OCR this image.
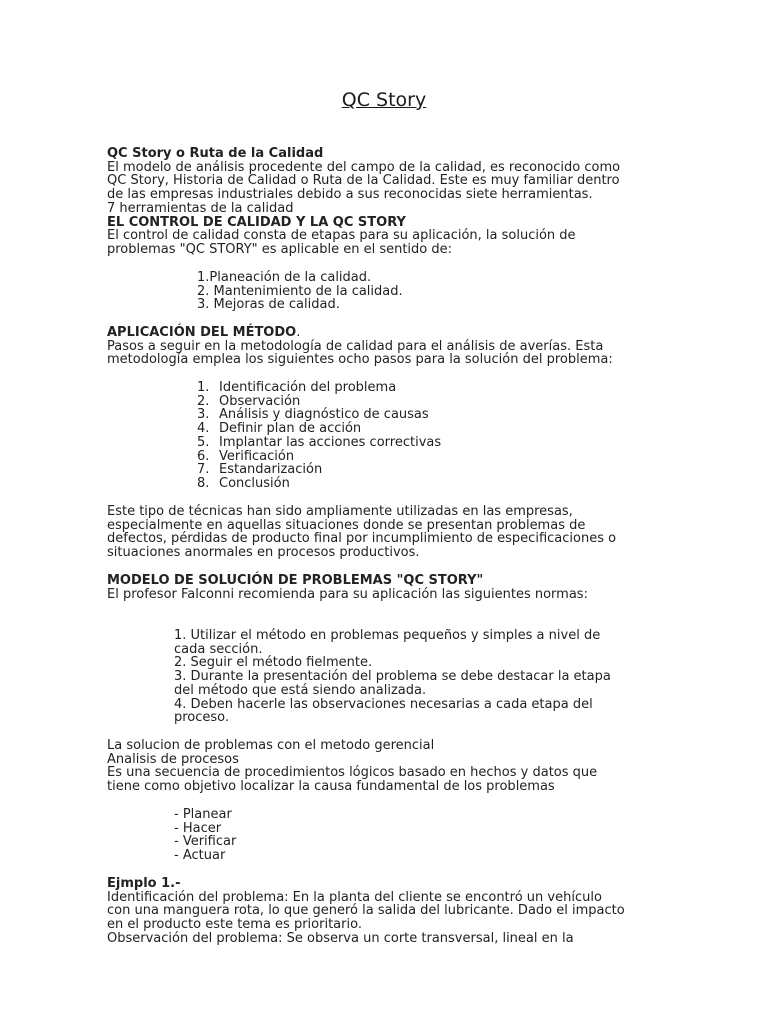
QC Story
QC Story o Ruta de la Calidad
El modelo de análisis procedente del campo de la calidad, es reconocido como
QC Story, Historia de Calidad o Ruta de la Calidad. Este es muy familiar dentro
de las empresas industriales debido a sus reconocidas siete herramientas.
7 herramientas de la calidad
EL CONTROL DE CALIDAD Y LA QC STORY
El control de calidad consta de etapas para su aplicación, la solución de
problemas "QC STORY" es aplicable en el sentido de:
1.Planeación de la calidad.
2. Mantenimiento de la calidad.
3. Mejoras de calidad.
APLICACIÓN DEL MÉTODO.
Pasos a seguir en la metodología de calidad para el análisis de averías. Esta
metodología emplea los siguientes ocho pasos para la solución del problema:
1. Identificación del problema
2. Observación
3. Análisis y diagnóstico de causas
4. Definir plan de acción
5. Implantar las acciones correctivas
6. Verificación
7. Estandarización
8. Conclusión
Este tipo de técnicas han sido ampliamente utilizadas en las empresas,
especialmente en aquellas situaciones donde se presentan problemas de
defectos, pérdidas de producto final por incumplimiento de especificaciones o
situaciones anormales en procesos productivos.
MODELO DE SOLUCIÓN DE PROBLEMAS "QC STORY"
El profesor Falconni recomienda para su aplicación las siguientes normas:
1. Utilizar el método en problemas pequeños y simples a nivel de
cada sección.
2. Seguir el método fielmente.
3. Durante la presentación del problema se debe destacar la etapa
del método que está siendo analizada.
4. Deben hacerle las observaciones necesarias a cada etapa del
proceso.
La solucion de problemas con el metodo gerencial
Analisis de procesos
Es una secuencia de procedimientos lógicos basado en hechos y datos que
tiene como objetivo localizar la causa fundamental de los problemas
- Planear
- Hacer
- Verificar
- Actuar
Ejmplo 1.-
Identificación del problema: En la planta del cliente se encontró un vehículo
con una manguera rota, lo que generó la salida del lubricante. Dado el impacto
en el producto este tema es prioritario.
Observación del problema: Se observa un corte transversal, lineal en la
